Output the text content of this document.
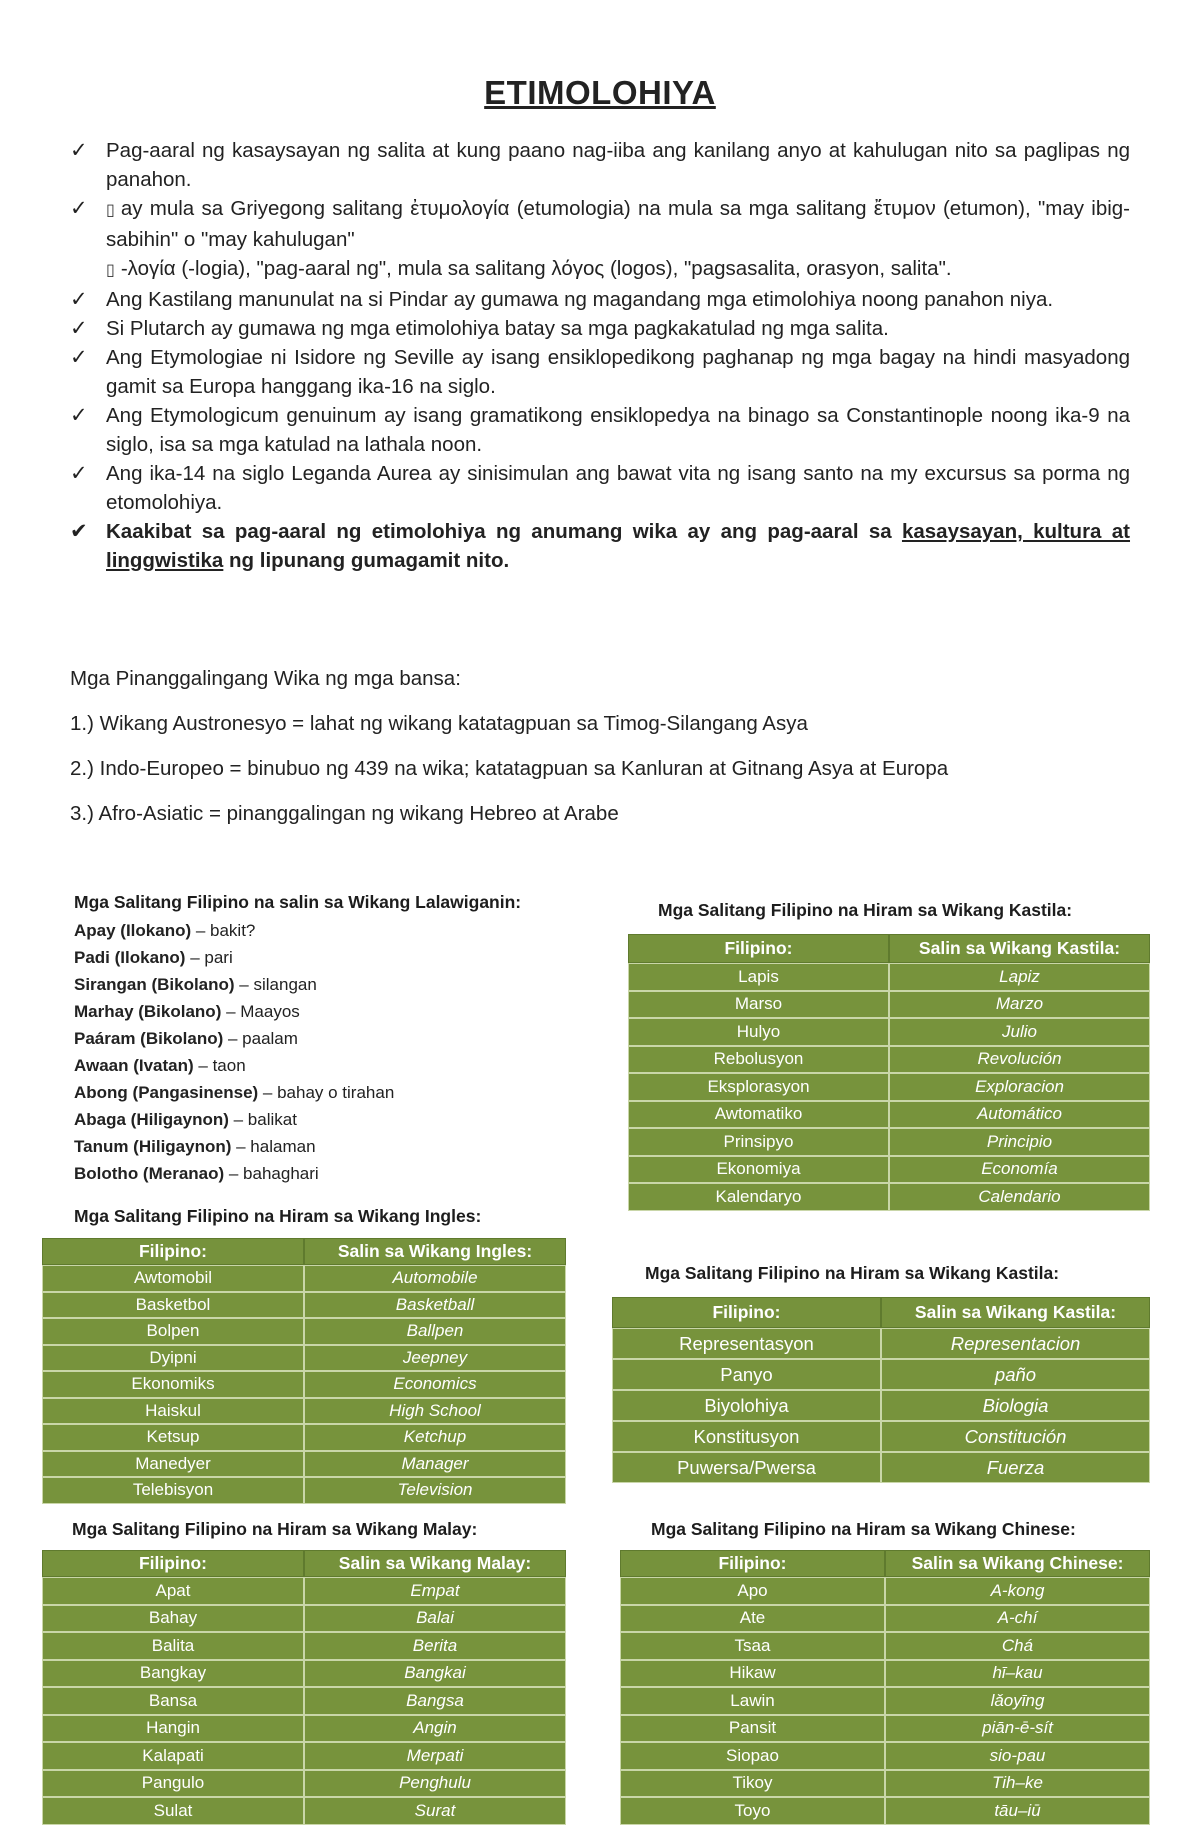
ETIMOLOHIYA
✓ Pag-aaral ng kasaysayan ng salita at kung paano nag-iiba ang kanilang anyo at kahulugan nito sa paglipas ng panahon.
✓ ▯ ay mula sa Griyegong salitang ἐτυμολογία (etumologia) na mula sa mga salitang ἔτυμον (etumon), "may ibig-sabihin" o "may kahulugan"
▯ -λογία (-logia), "pag-aaral ng", mula sa salitang λόγος (logos), "pagsasalita, orasyon, salita".
✓ Ang Kastilang manunulat na si Pindar ay gumawa ng magandang mga etimolohiya noong panahon niya.
✓ Si Plutarch ay gumawa ng mga etimolohiya batay sa mga pagkakatulad ng mga salita.
✓ Ang Etymologiae ni Isidore ng Seville ay isang ensiklopedikong paghanap ng mga bagay na hindi masyadong gamit sa Europa hanggang ika-16 na siglo.
✓ Ang Etymologicum genuinum ay isang gramatikong ensiklopedya na binago sa Constantinople noong ika-9 na siglo, isa sa mga katulad na lathala noon.
✓ Ang ika-14 na siglo Leganda Aurea ay sinisimulan ang bawat vita ng isang santo na my excursus sa porma ng etomolohiya.
✔ Kaakibat sa pag-aaral ng etimolohiya ng anumang wika ay ang pag-aaral sa kasaysayan, kultura at linggwistika ng lipunang gumagamit nito.

Mga Pinanggalingang Wika ng mga bansa:

1.) Wikang Austronesyo = lahat ng wikang katatagpuan sa Timog-Silangang Asya

2.) Indo-Europeo = binubuo ng 439 na wika; katatagpuan sa Kanluran at Gitnang Asya at Europa

3.) Afro-Asiatic = pinanggalingan ng wikang Hebreo at Arabe

Mga Salitang Filipino na salin sa Wikang Lalawiganin:
Apay (Ilokano) – bakit?
Padi (Ilokano) – pari
Sirangan (Bikolano) – silangan
Marhay (Bikolano) – Maayos
Paáram (Bikolano) – paalam
Awaan (Ivatan) – taon
Abong (Pangasinense) – bahay o tirahan
Abaga (Hiligaynon) – balikat
Tanum (Hiligaynon) – halaman
Bolotho (Meranao) – bahaghari
Mga Salitang Filipino na Hiram sa Wikang Kastila:
Filipino:	Salin sa Wikang Kastila:
Lapis	Lapiz
Marso	Marzo
Hulyo	Julio
Rebolusyon	Revolución
Eksplorasyon	Exploracion
Awtomatiko	Automático
Prinsipyo	Principio
Ekonomiya	Economía
Kalendaryo	Calendario
Mga Salitang Filipino na Hiram sa Wikang Ingles:
Filipino:	Salin sa Wikang Ingles:
Awtomobil	Automobile
Basketbol	Basketball
Bolpen	Ballpen
Dyipni	Jeepney
Ekonomiks	Economics
Haiskul	High School
Ketsup	Ketchup
Manedyer	Manager
Telebisyon	Television
Mga Salitang Filipino na Hiram sa Wikang Kastila:
Filipino:	Salin sa Wikang Kastila:
Representasyon	Representacion
Panyo	paño
Biyolohiya	Biologia
Konstitusyon	Constitución
Puwersa/Pwersa	Fuerza
Mga Salitang Filipino na Hiram sa Wikang Malay:
Filipino:	Salin sa Wikang Malay:
Apat	Empat
Bahay	Balai
Balita	Berita
Bangkay	Bangkai
Bansa	Bangsa
Hangin	Angin
Kalapati	Merpati
Pangulo	Penghulu
Sulat	Surat
Mga Salitang Filipino na Hiram sa Wikang Chinese:
Filipino:	Salin sa Wikang Chinese:
Apo	A-kong
Ate	A-chí
Tsaa	Chá
Hikaw	hī–kau
Lawin	lǎoyīng
Pansit	piān-ē-sít
Siopao	sio-pau
Tikoy	Tih–ke
Toyo	tāu–iū
